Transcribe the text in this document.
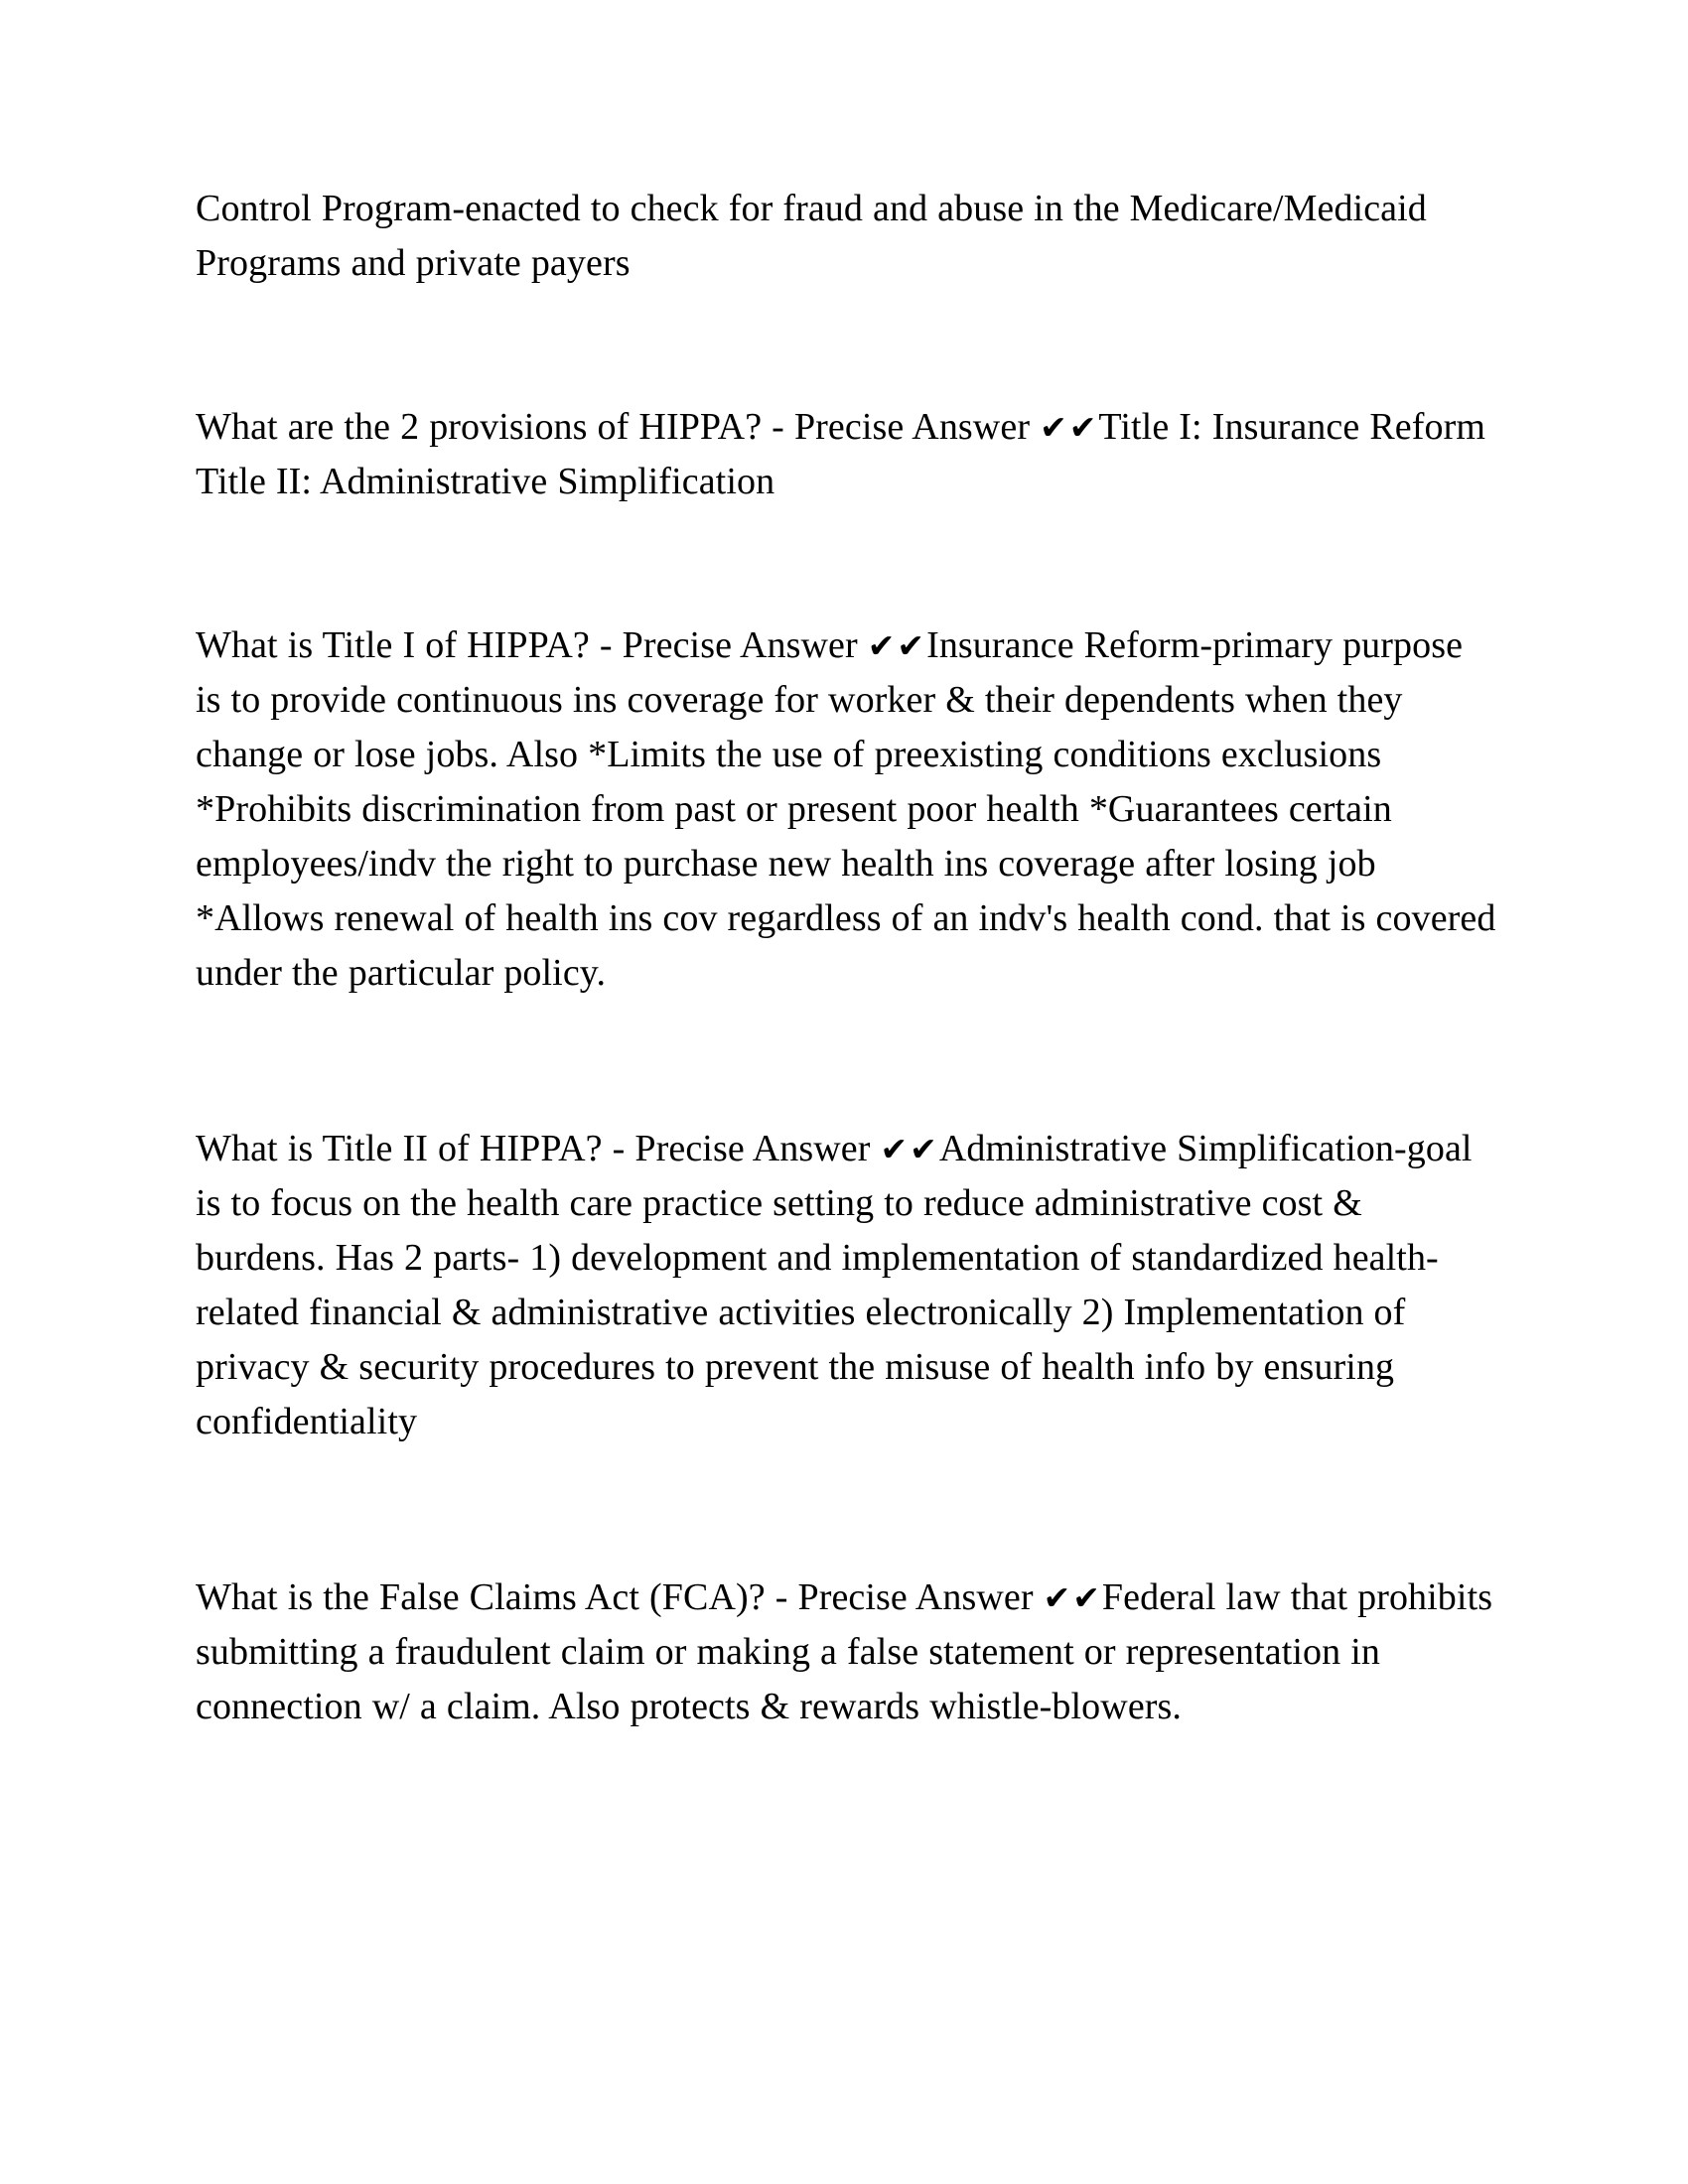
Control Program-enacted to check for fraud and abuse in the Medicare/Medicaid Programs and private payers

What are the 2 provisions of HIPPA? - Precise Answer ✔✔Title I: Insurance Reform

Title II: Administrative Simplification

What is Title I of HIPPA? - Precise Answer ✔✔Insurance Reform-primary purpose is to provide continuous ins coverage for worker & their dependents when they change or lose jobs. Also *Limits the use of preexisting conditions exclusions *Prohibits discrimination from past or present poor health *Guarantees certain employees/indv the right to purchase new health ins coverage after losing job *Allows renewal of health ins cov regardless of an indv's health cond. that is covered under the particular policy.

What is Title II of HIPPA? - Precise Answer ✔✔Administrative Simplification-goal is to focus on the health care practice setting to reduce administrative cost & burdens. Has 2 parts- 1) development and implementation of standardized health-related financial & administrative activities electronically 2) Implementation of privacy & security procedures to prevent the misuse of health info by ensuring confidentiality

What is the False Claims Act (FCA)? - Precise Answer ✔✔Federal law that prohibits submitting a fraudulent claim or making a false statement or representation in connection w/ a claim. Also protects & rewards whistle-blowers.
